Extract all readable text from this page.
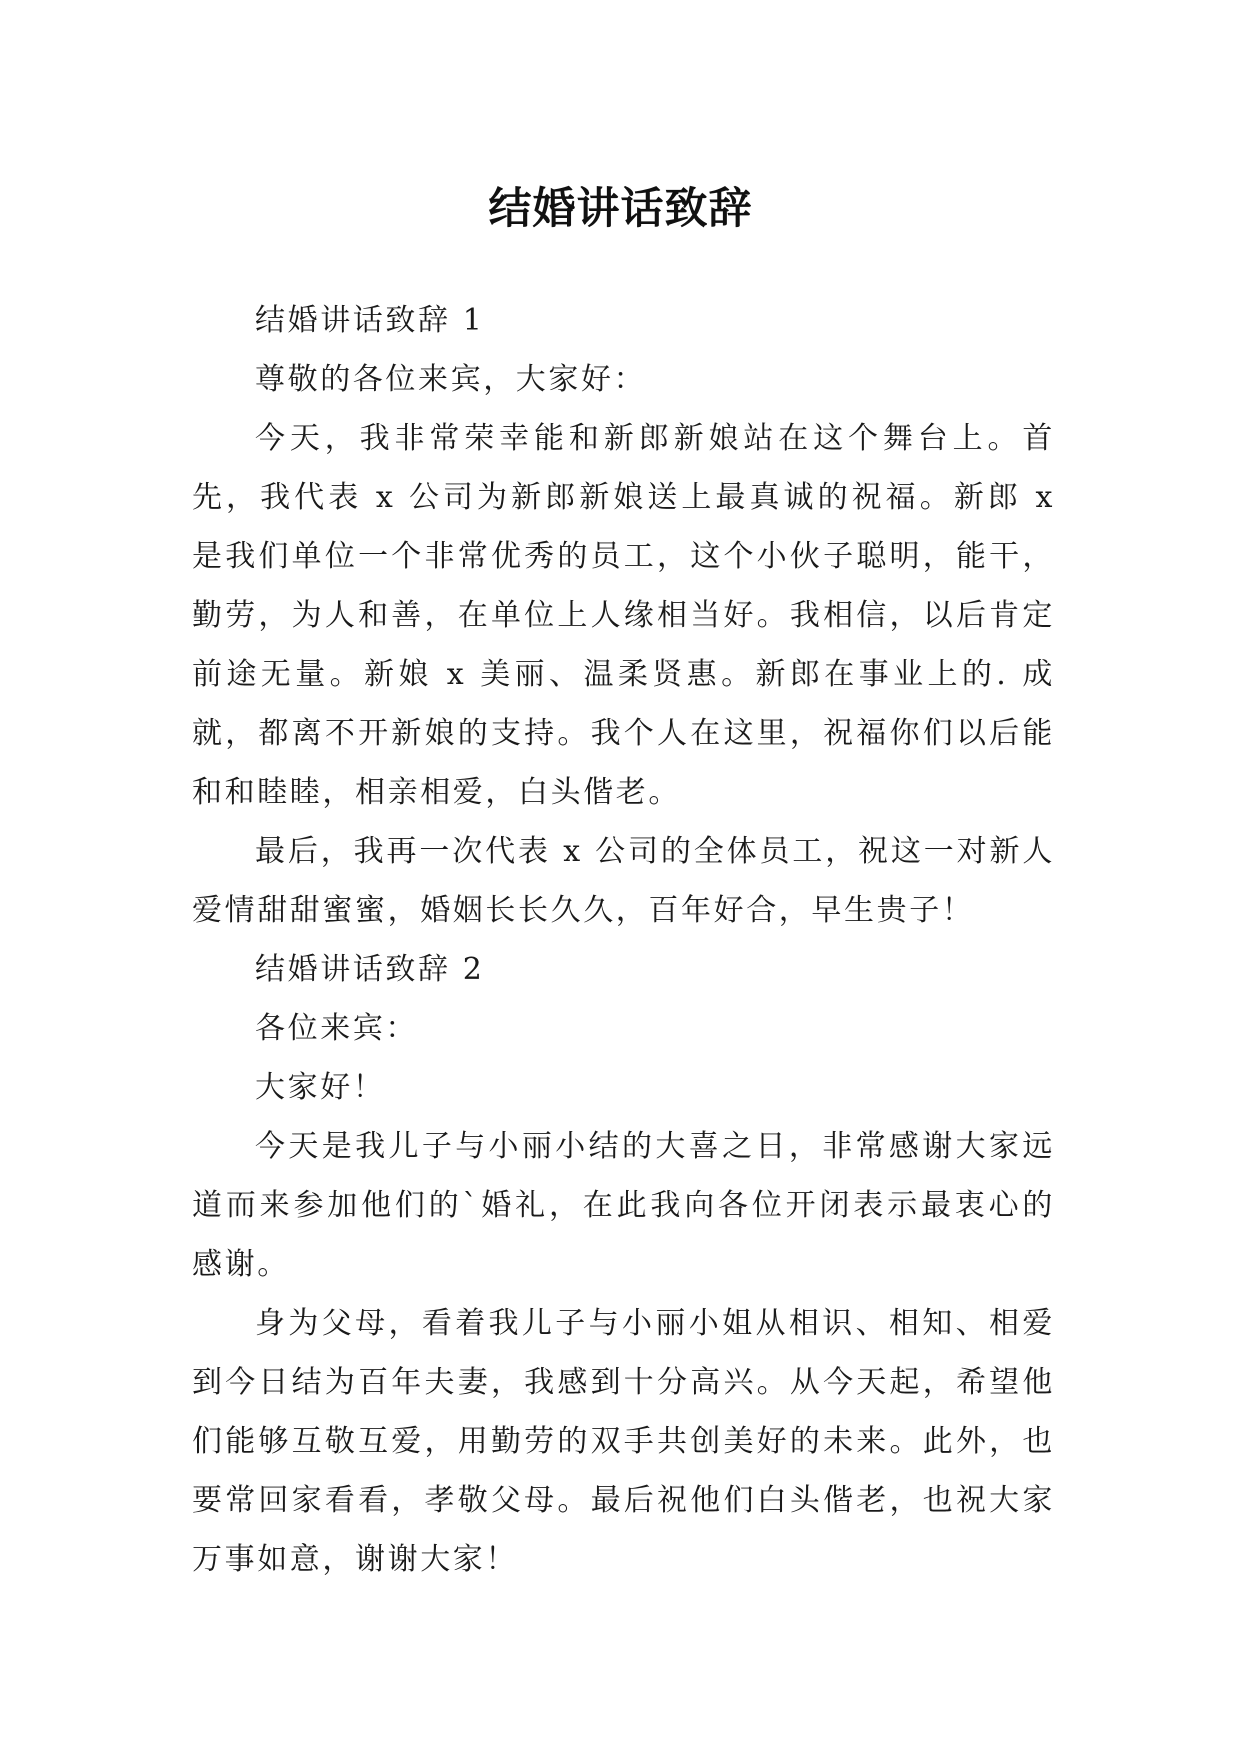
结婚讲话致辞

结婚讲话致辞 1

尊敬的各位来宾，大家好：

今天，我非常荣幸能和新郎新娘站在这个舞台上。首先，我代表 x 公司为新郎新娘送上最真诚的祝福。新郎 x 是我们单位一个非常优秀的员工，这个小伙子聪明，能干，勤劳，为人和善，在单位上人缘相当好。我相信，以后肯定前途无量。新娘 x 美丽、温柔贤惠。新郎在事业上的. 成就，都离不开新娘的支持。我个人在这里，祝福你们以后能和和睦睦，相亲相爱，白头偕老。

最后，我再一次代表 x 公司的全体员工，祝这一对新人爱情甜甜蜜蜜，婚姻长长久久，百年好合，早生贵子！

结婚讲话致辞 2

各位来宾：

大家好！

今天是我儿子与小丽小结的大喜之日，非常感谢大家远道而来参加他们的`婚礼，在此我向各位开闭表示最衷心的感谢。

身为父母，看着我儿子与小丽小姐从相识、相知、相爱到今日结为百年夫妻，我感到十分高兴。从今天起，希望他们能够互敬互爱，用勤劳的双手共创美好的未来。此外，也要常回家看看，孝敬父母。最后祝他们白头偕老，也祝大家万事如意，谢谢大家！
